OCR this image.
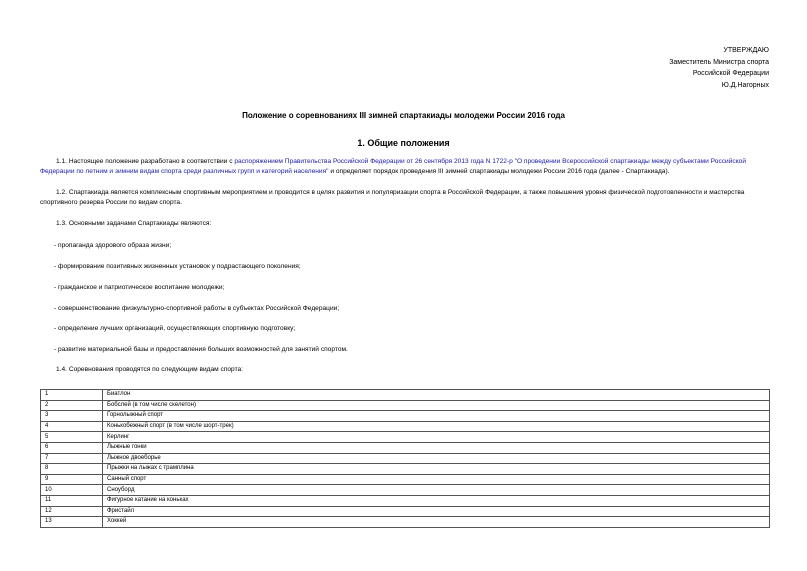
УТВЕРЖДАЮ
Заместитель Министра спорта
Российской Федерации
Ю.Д.Нагорных
Положение о соревнованиях III зимней спартакиады молодежи России 2016 года
1. Общие положения
1.1. Настоящее положение разработано в соответствии с распоряжением Правительства Российской Федерации от 26 сентября 2013 года N 1722-р "О проведении Всероссийской спартакиады между субъектами Российской Федерации по летним и зимним видам спорта среди различных групп и категорий населения" и определяет порядок проведения III зимней спартакиады молодежи России 2016 года (далее - Спартакиада).
1.2. Спартакиада является комплексным спортивным мероприятием и проводится в целях развития и популяризации спорта в Российской Федерации, а также повышения уровня физической подготовленности и мастерства спортивного резерва России по видам спорта.
1.3. Основными задачами Спартакиады являются:
- пропаганда здорового образа жизни;
- формирование позитивных жизненных установок у подрастающего поколения;
- гражданское и патриотическое воспитание молодежи;
- совершенствование физкультурно-спортивной работы в субъектах Российской Федерации;
- определение лучших организаций, осуществляющих спортивную подготовку;
- развитие материальной базы и предоставления больших возможностей для занятий спортом.
1.4. Соревнования проводятся по следующим видам спорта:
1	Биатлон
2	Бобслей (в том числе скелетон)
3	Горнолыжный спорт
4	Конькобежный спорт (в том числе шорт-трек)
5	Керлинг
6	Лыжные гонки
7	Лыжное двоеборье
8	Прыжки на лыжах с трамплина
9	Санный спорт
10	Сноуборд
11	Фигурное катание на коньках
12	Фристайл
13	Хоккей
